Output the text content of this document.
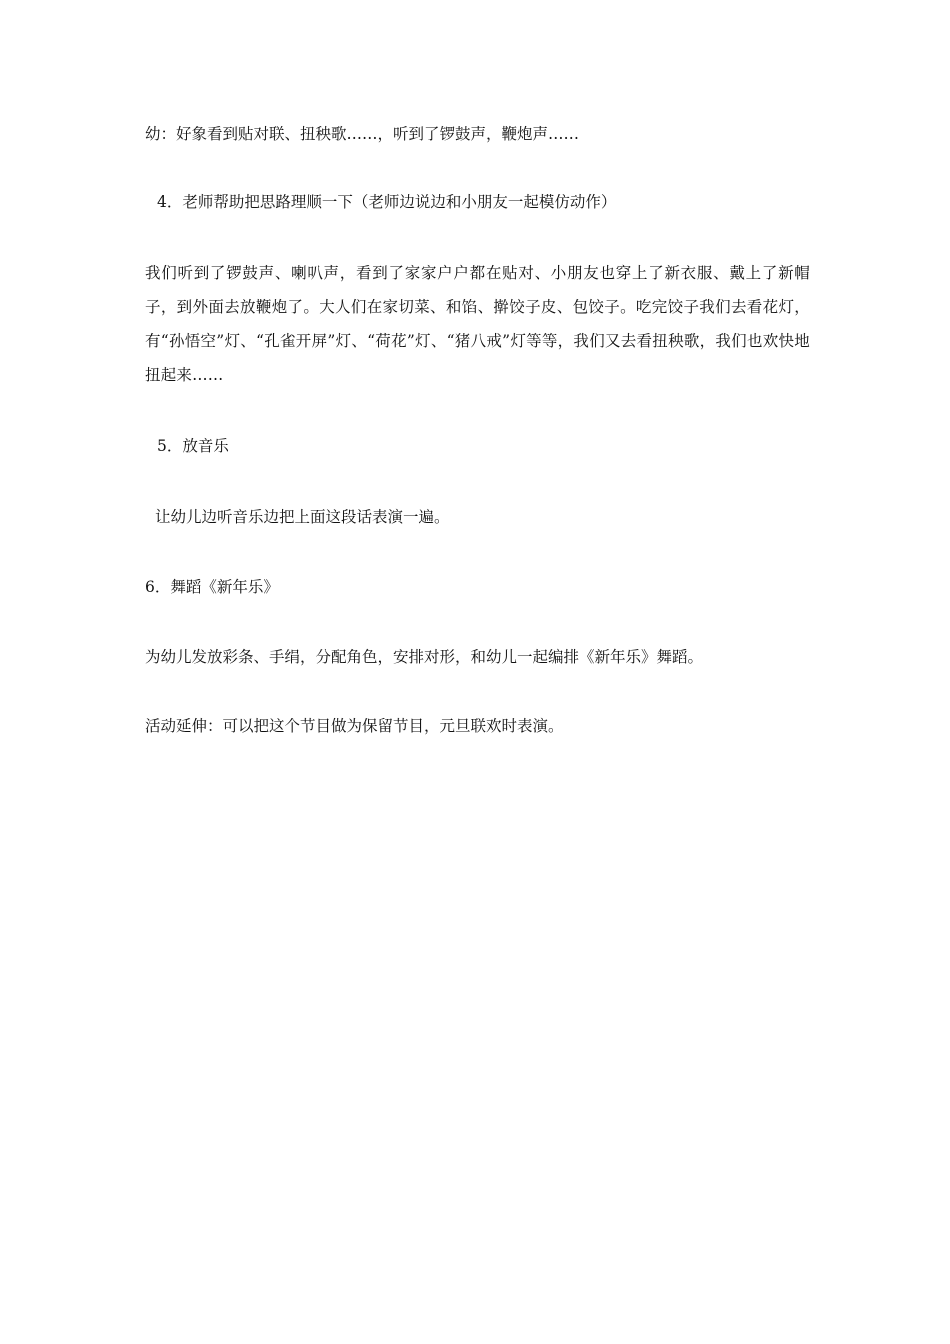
幼：好象看到贴对联、扭秧歌……，听到了锣鼓声，鞭炮声……
4．老师帮助把思路理顺一下（老师边说边和小朋友一起模仿动作）
我们听到了锣鼓声、喇叭声，看到了家家户户都在贴对、小朋友也穿上了新衣服、戴上了新帽子，到外面去放鞭炮了。大人们在家切菜、和馅、擀饺子皮、包饺子。吃完饺子我们去看花灯，有“孙悟空”灯、“孔雀开屏”灯、“荷花”灯、“猪八戒”灯等等，我们又去看扭秧歌，我们也欢快地扭起来……
5．放音乐
让幼儿边听音乐边把上面这段话表演一遍。
6．舞蹈《新年乐》
为幼儿发放彩条、手绢，分配角色，安排对形，和幼儿一起编排《新年乐》舞蹈。
活动延伸：可以把这个节目做为保留节目，元旦联欢时表演。
